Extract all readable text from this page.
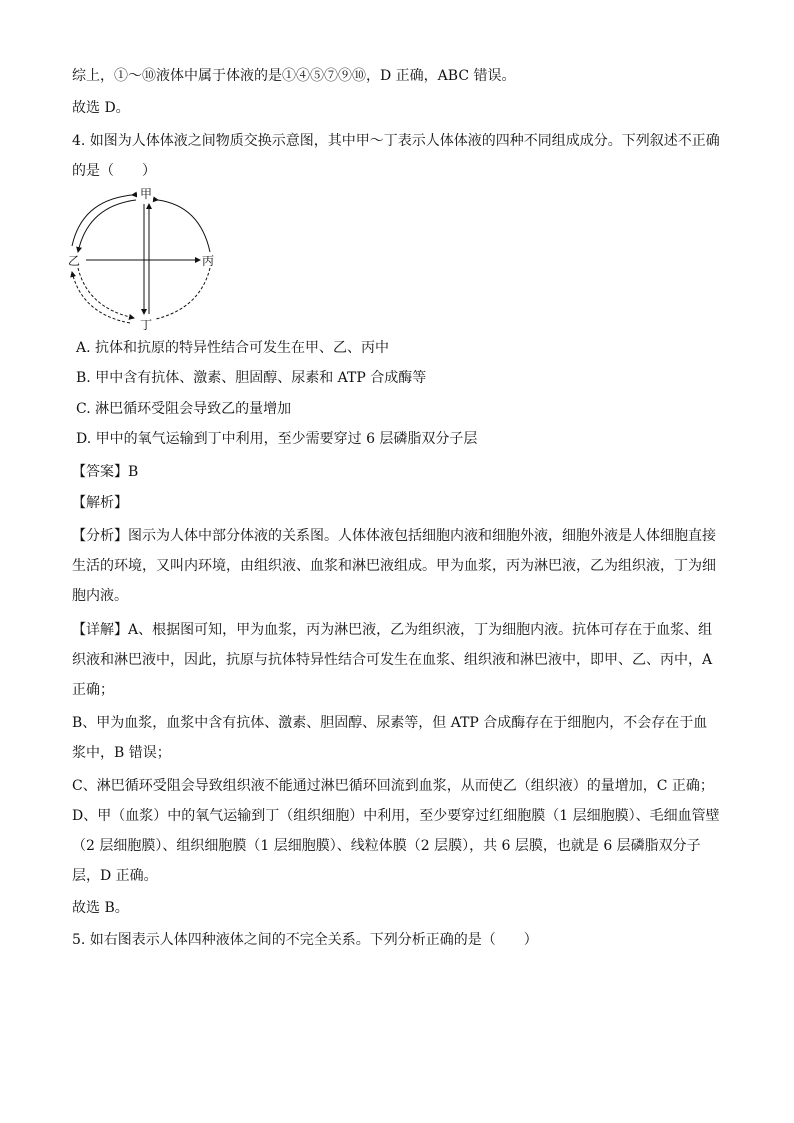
综上，①～⑩液体中属于体液的是①④⑤⑦⑨⑩，D 正确，ABC 错误。
故选 D。
4. 如图为人体体液之间物质交换示意图，其中甲～丁表示人体体液的四种不同组成成分。下列叙述不正确
的是（　　）
甲
乙	丙
丁
A. 抗体和抗原的特异性结合可发生在甲、乙、丙中
B. 甲中含有抗体、激素、胆固醇、尿素和 ATP 合成酶等
C. 淋巴循环受阻会导致乙的量增加
D. 甲中的氧气运输到丁中利用，至少需要穿过 6 层磷脂双分子层
【答案】B
【解析】
【分析】图示为人体中部分体液的关系图。人体体液包括细胞内液和细胞外液，细胞外液是人体细胞直接
生活的环境，又叫内环境，由组织液、血浆和淋巴液组成。甲为血浆，丙为淋巴液，乙为组织液，丁为细
胞内液。
【详解】A、根据图可知，甲为血浆，丙为淋巴液，乙为组织液，丁为细胞内液。抗体可存在于血浆、组
织液和淋巴液中，因此，抗原与抗体特异性结合可发生在血浆、组织液和淋巴液中，即甲、乙、丙中，A
正确；
B、甲为血浆，血浆中含有抗体、激素、胆固醇、尿素等，但 ATP 合成酶存在于细胞内，不会存在于血
浆中，B 错误；
C、淋巴循环受阻会导致组织液不能通过淋巴循环回流到血浆，从而使乙（组织液）的量增加，C 正确；
D、甲（血浆）中的氧气运输到丁（组织细胞）中利用，至少要穿过红细胞膜（1 层细胞膜）、毛细血管壁
（2 层细胞膜）、组织细胞膜（1 层细胞膜）、线粒体膜（2 层膜），共 6 层膜，也就是 6 层磷脂双分子
层，D 正确。
故选 B。
5. 如右图表示人体四种液体之间的不完全关系。下列分析正确的是（　　）
